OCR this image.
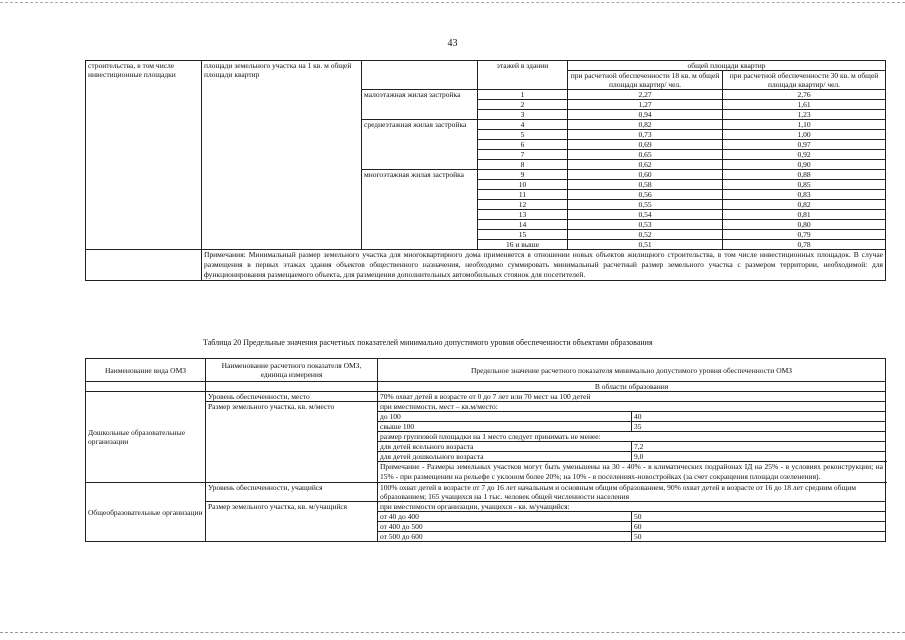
43
строительства, в том числе инвестиционные площадки	площади земельного участка на 1 кв. м общей площади квартир		этажей в здании	общей площади квартир	
				при расчетной обеспеченности 18 кв. м общей площади квартир/ чел.	при расчетной обеспеченности 30 кв. м общей площади квартир/ чел.

		малоэтажная жилая застройка	1	2,27	2,76
			2	1,27	1,61
			3	0,94	1,23
		среднеэтажная жилая застройка	4	0,82	1,10
			5	0,73	1,00
			6	0,69	0,97
			7	0,65	0,92
			8	0,62	0,90
		многоэтажная жилая застройка	9	0,60	0,88
			10	0,58	0,85
			11	0,56	0,83
			12	0,55	0,82
			13	0,54	0,81
			14	0,53	0,80
			15	0,52	0,79
			16 и выше	0,51	0,78
	Примечания: Минимальный размер земельного участка для многоквартирного дома применяется в отношении новых объектов жилищного строительства, в том числе инвестиционных площадок. В случае размещения в первых этажах здания объектов общественного назначения, необходимо суммировать минимальный расчетный размер земельного участка с размером территории, необходимой: для функционирования размещаемого объекта, для размещения дополнительных автомобильных стоянок для посетителей.				
Таблица 20 Предельные значения расчетных показателей минимально допустимого уровня обеспеченности объектами образования
Наименование вида ОМЗ	Наименование расчетного показателя ОМЗ, единица измерения	Предельное значение расчетного показателя минимально допустимого уровня обеспеченности ОМЗ	
		В области образования	
Дошкольные образовательные организации	Уровень обеспеченности, место	70% охват детей в возрасте от 0 до 7 лет или 70 мест на 100 детей	
	Размер земельного участка, кв. м/место	при вместимости, мест – кв.м/место:	
		до 100	40
		свыше 100	35
		размер групповой площадки на 1 место следует принимать не менее:	
		для детей ясельного возраста	7,2
		для детей дошкольного возраста	9,0
		Примечание - Размеры земельных участков могут быть уменьшены на 30 - 40% - в климатических подрайонах IД на 25% - в условиях реконструкции; на 15% - при размещении на рельефе с уклоном более 20%; на 10% - в поселениях-новостройках (за счет сокращения площади озеленения).	
Общеобразовательные организации	Уровень обеспеченности, учащийся	100% охват детей в возрасте от 7 до 16 лет начальным и основным общим образованием, 90% охват детей в возрасте от 16 до 18 лет средним общим образованием; 165 учащихся на 1 тыс. человек общей численности населения	
	Размер земельного участка, кв. м/учащийся	при вместимости организации, учащихся - кв. м/учащийся:	
		от 40 до 400	50
		от 400 до 500	60
		от 500 до 600	50
